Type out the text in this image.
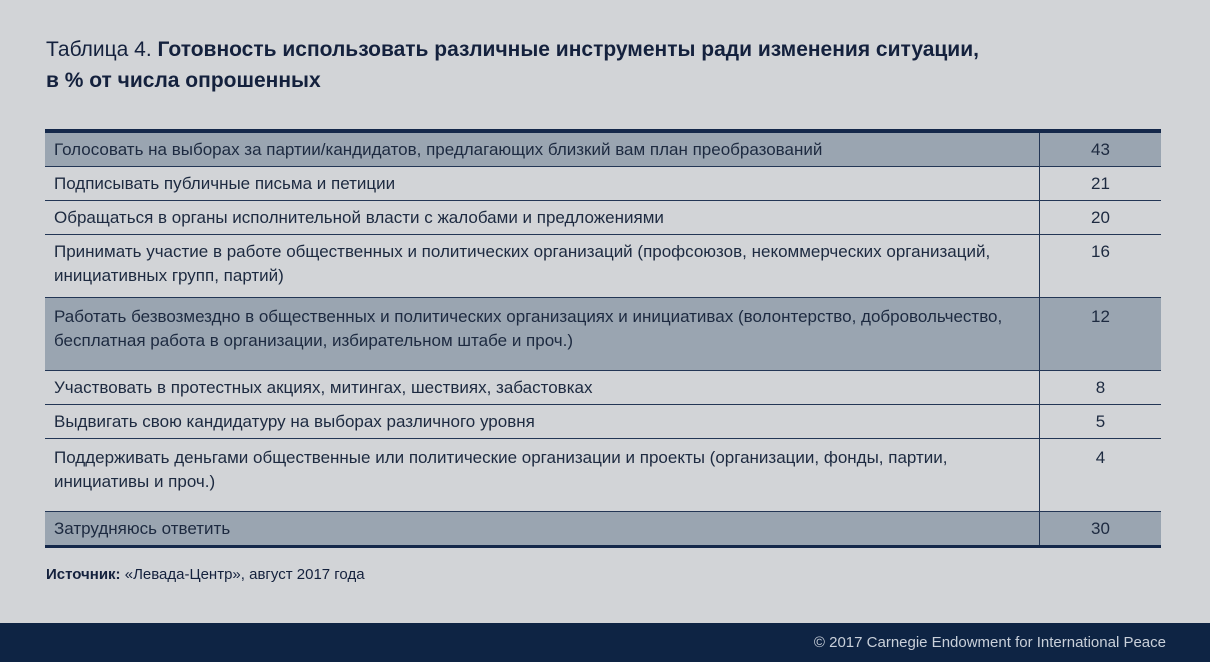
Таблица 4. Готовность использовать различные инструменты ради изменения ситуации,
в % от числа опрошенных
Голосовать на выборах за партии/кандидатов, предлагающих близкий вам план преобразований	43
Подписывать публичные письма и петиции	21
Обращаться в органы исполнительной власти с жалобами и предложениями	20
Принимать участие в работе общественных и политических организаций (профсоюзов, некоммерческих организаций, инициативных групп, партий)	16
Работать безвозмездно в общественных и политических организациях и инициативах (волонтерство, добровольчество, бесплатная работа в организации, избирательном штабе и проч.)	12
Участвовать в протестных акциях, митингах, шествиях, забастовках	8
Выдвигать свою кандидатуру на выборах различного уровня	5
Поддерживать деньгами общественные или политические организации и проекты (организации, фонды, партии, инициативы и проч.)	4
Затрудняюсь ответить	30
Источник: «Левада-Центр», август 2017 года
© 2017 Carnegie Endowment for International Peace
